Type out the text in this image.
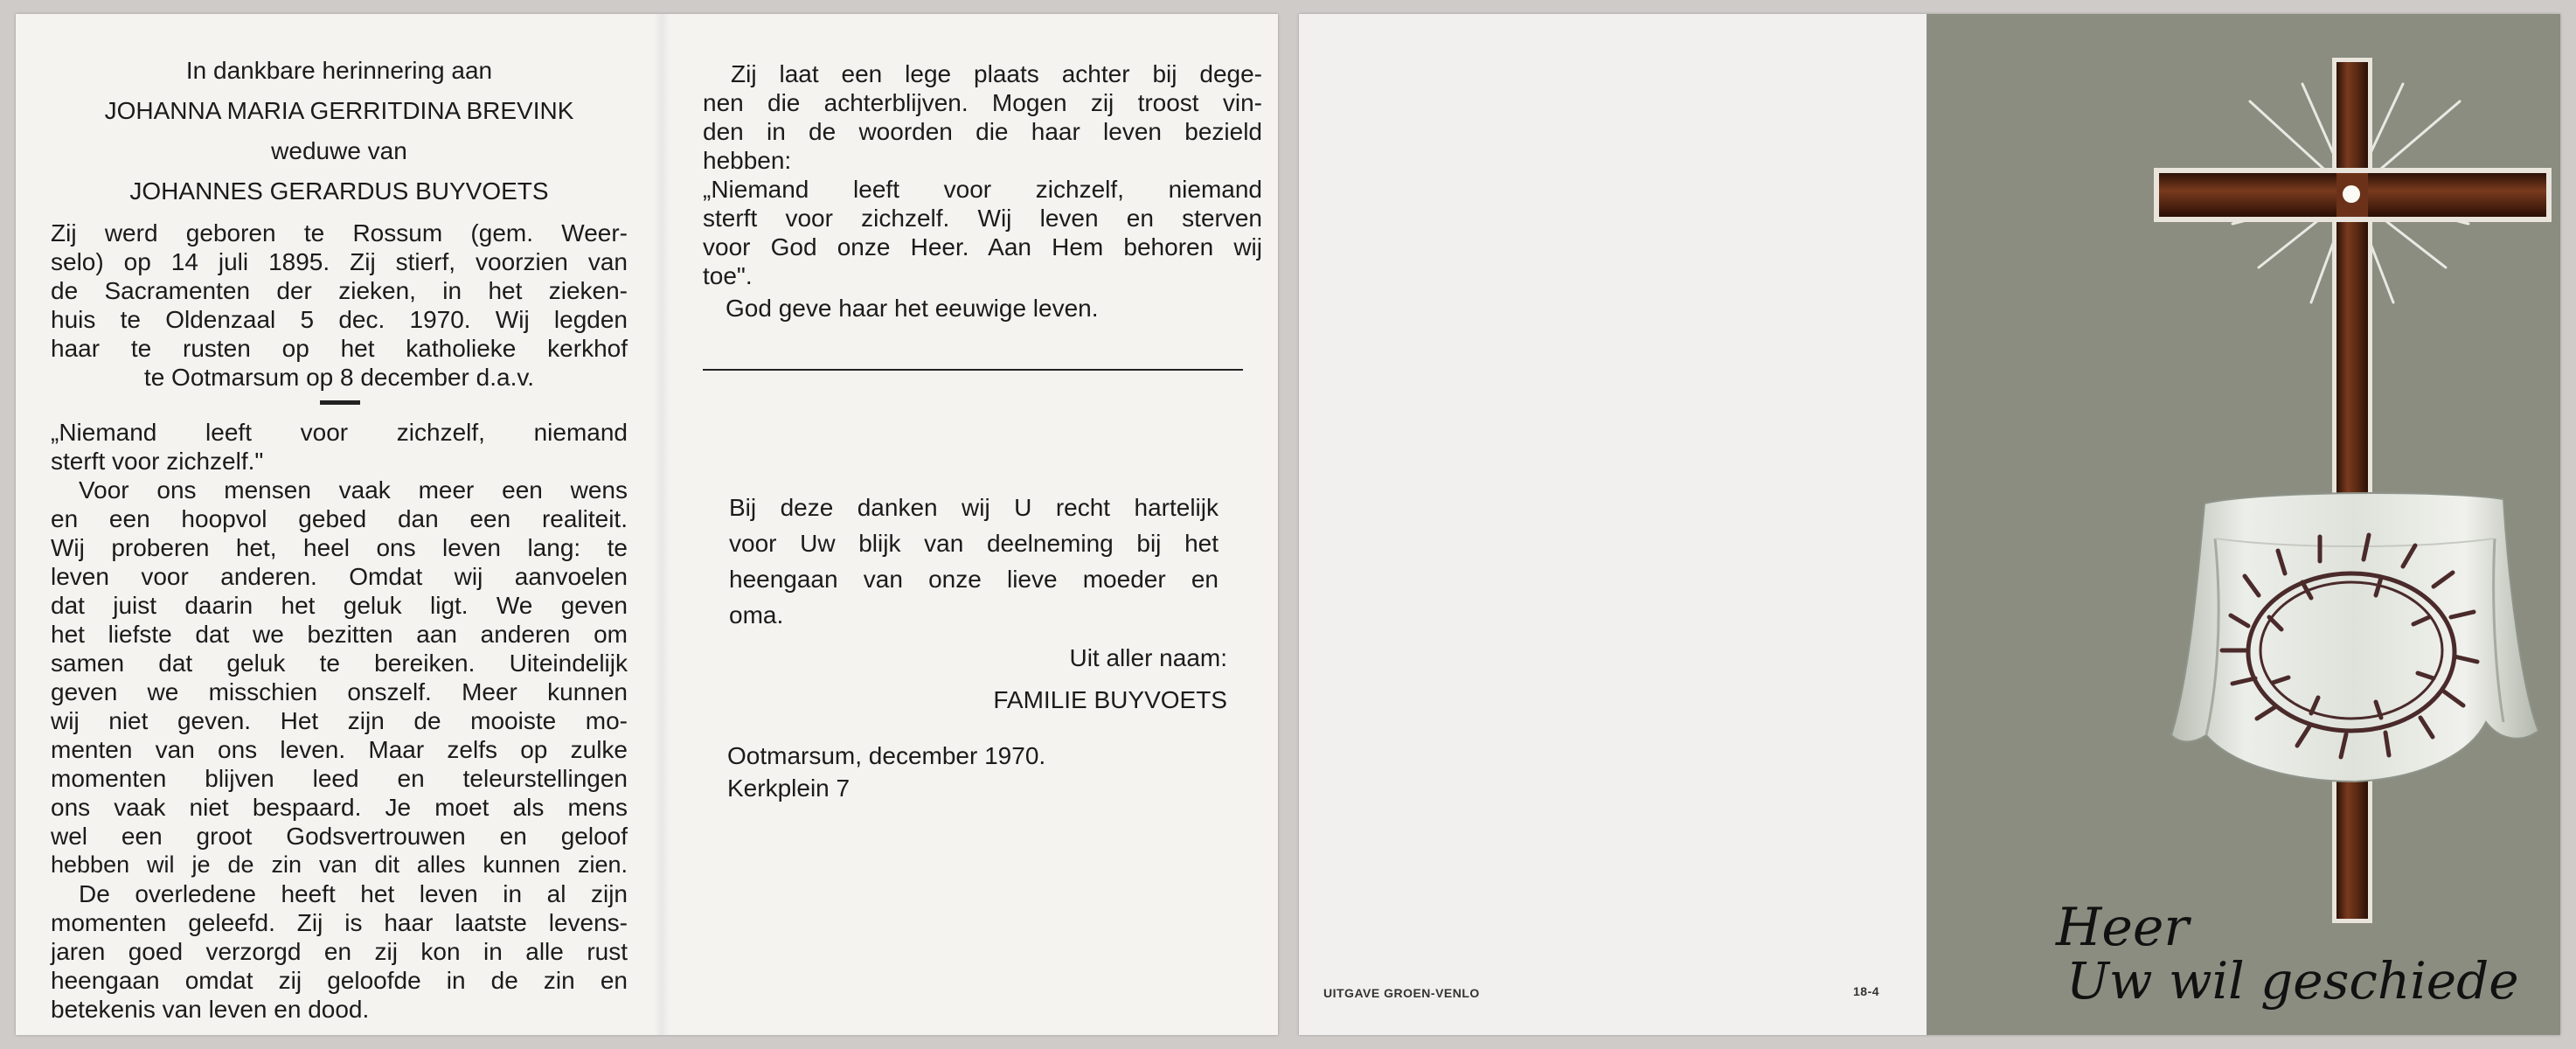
In dankbare herinnering aan
JOHANNA MARIA GERRITDINA BREVINK
weduwe van
JOHANNES GERARDUS BUYVOETS
Zij werd geboren te Rossum (gem. Weer-
selo) op 14 juli 1895. Zij stierf, voorzien van
de Sacramenten der zieken, in het zieken-
huis te Oldenzaal 5 dec. 1970. Wij legden
haar te rusten op het katholieke kerkhof
te Ootmarsum op 8 december d.a.v.
„Niemand leeft voor zichzelf, niemand
sterft voor zichzelf."
Voor ons mensen vaak meer een wens
en een hoopvol gebed dan een realiteit.
Wij proberen het, heel ons leven lang: te
leven voor anderen. Omdat wij aanvoelen
dat juist daarin het geluk ligt. We geven
het liefste dat we bezitten aan anderen om
samen dat geluk te bereiken. Uiteindelijk
geven we misschien onszelf. Meer kunnen
wij niet geven. Het zijn de mooiste mo-
menten van ons leven. Maar zelfs op zulke
momenten blijven leed en teleurstellingen
ons vaak niet bespaard. Je moet als mens
wel een groot Godsvertrouwen en geloof
hebben wil je de zin van dit alles kunnen zien.
De overledene heeft het leven in al zijn
momenten geleefd. Zij is haar laatste levens-
jaren goed verzorgd en zij kon in alle rust
heengaan omdat zij geloofde in de zin en
betekenis van leven en dood.
Zij laat een lege plaats achter bij dege-
nen die achterblijven. Mogen zij troost vin-
den in de woorden die haar leven bezield
hebben:
„Niemand leeft voor zichzelf, niemand
sterft voor zichzelf. Wij leven en sterven
voor God onze Heer. Aan Hem behoren wij
toe".
God geve haar het eeuwige leven.
Bij deze danken wij U recht hartelijk
voor Uw blijk van deelneming bij het
heengaan van onze lieve moeder en
oma.
Uit aller naam:
FAMILIE BUYVOETS
Ootmarsum, december 1970.
Kerkplein 7
UITGAVE GROEN-VENLO	18-4
Heer
Uw wil geschiede
